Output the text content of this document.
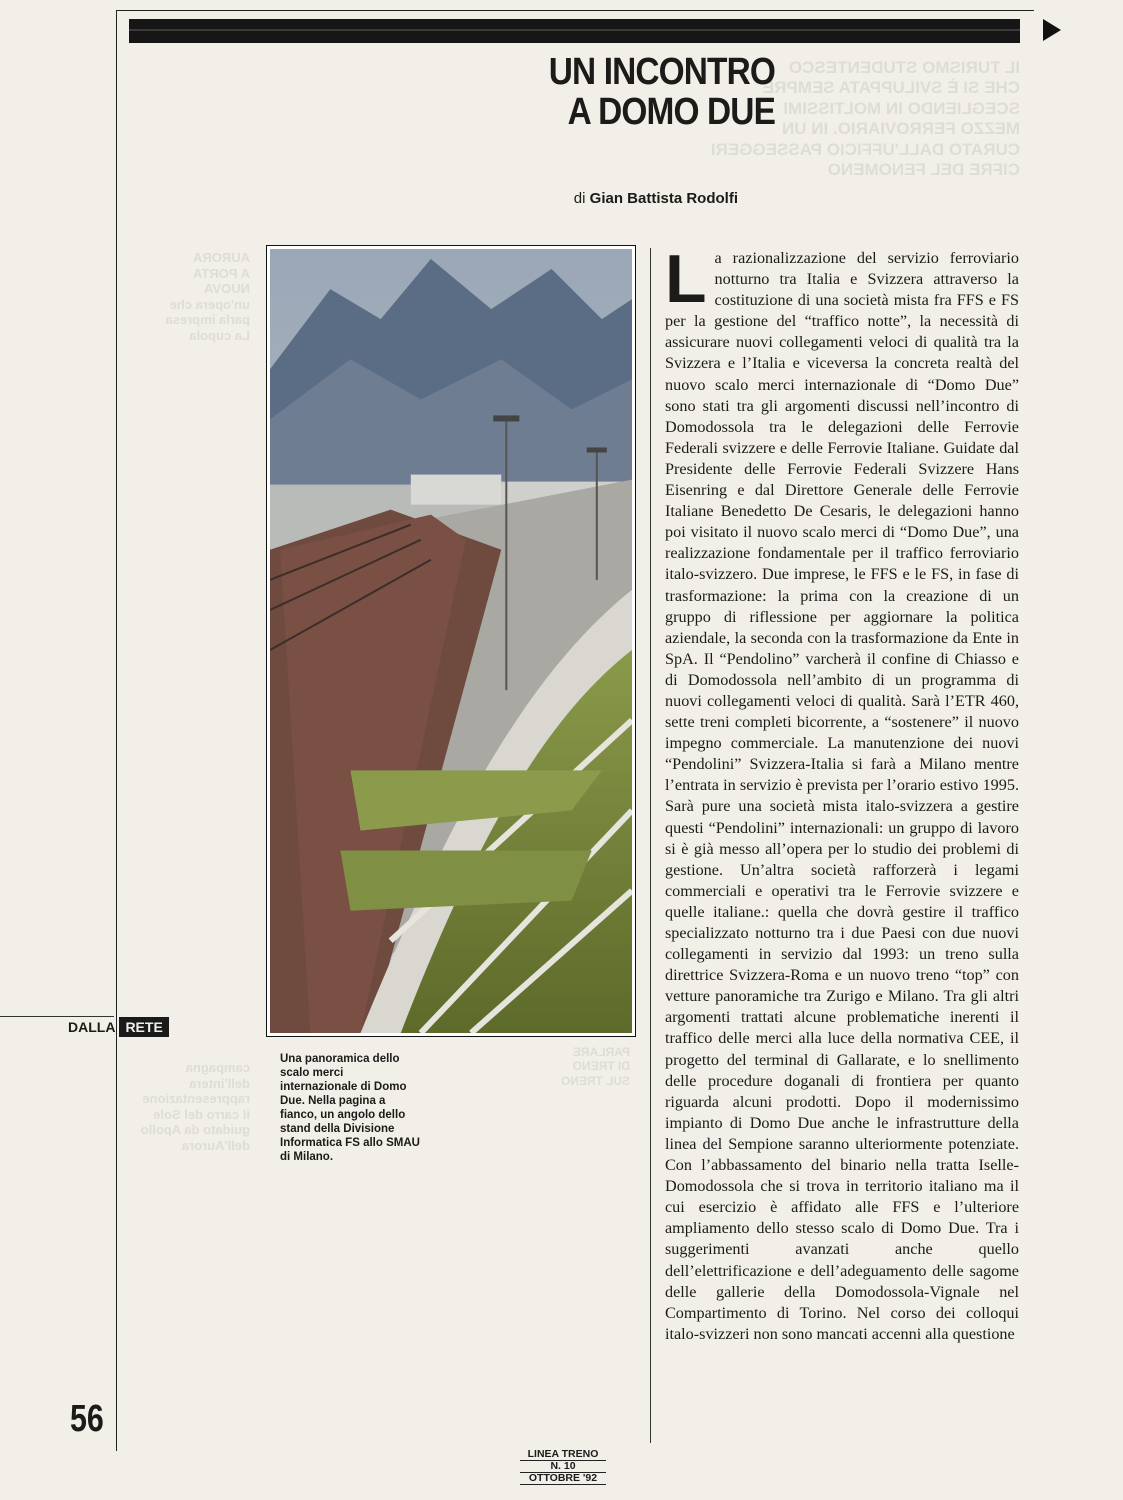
IL TURISMO STUDENTESCO
CHE SI È SVILUPPATA SEMPRE
SCEGLIENDO IN MOLTISSIMI
MEZZO FERROVIARIO. IN UN
CURATO DALL'UFFICIO PASSEGGERI
CIFRE DEL FENOMENO
AURORA
A PORTA
NUOVA
un'opera che
parla impresa
La cupola
campagna
dell'intera
rappresentazione
il carro del Sole
guidato da Apollo
dell'Aurora
PARLARE
DI TRENO
SUL TRENO
UN INCONTRO
A DOMO DUE
di Gian Battista Rodolfi
DALLA RETE
56
Una panoramica dello scalo merci internazionale di Domo Due. Nella pagina a fianco, un angolo dello stand della Divisione Informatica FS allo SMAU di Milano.
L a razionalizzazione del servizio ferroviario notturno tra Italia e Svizzera attraverso la costituzione di una società mista fra FFS e FS per la gestione del “traffico notte”, la necessità di assicurare nuovi collegamenti veloci di qualità tra la Svizzera e l’Italia e viceversa la concreta realtà del nuovo scalo merci internazionale di “Domo Due” sono stati tra gli argomenti discussi nell’incontro di Domodossola tra le delegazioni delle Ferrovie Federali svizzere e delle Ferrovie Italiane. Guidate dal Presidente delle Ferrovie Federali Svizzere Hans Eisenring e dal Direttore Generale delle Ferrovie Italiane Benedetto De Cesaris, le delegazioni hanno poi visitato il nuovo scalo merci di “Domo Due”, una realizzazione fondamentale per il traffico ferroviario italo-svizzero. Due imprese, le FFS e le FS, in fase di trasformazione: la prima con la creazione di un gruppo di riflessione per aggiornare la politica aziendale, la seconda con la trasformazione da Ente in SpA. Il “Pendolino” varcherà il confine di Chiasso e di Domodossola nell’ambito di un programma di nuovi collegamenti veloci di qualità. Sarà l’ETR 460, sette treni completi bicorrente, a “sostenere” il nuovo impegno commerciale. La manutenzione dei nuovi “Pendolini” Svizzera-Italia si farà a Milano mentre l’entrata in servizio è prevista per l’orario estivo 1995. Sarà pure una società mista italo-svizzera a gestire questi “Pendolini” internazionali: un gruppo di lavoro si è già messo all’opera per lo studio dei problemi di gestione. Un’altra società rafforzerà i legami commerciali e operativi tra le Ferrovie svizzere e quelle italiane.: quella che dovrà gestire il traffico specializzato notturno tra i due Paesi con due nuovi collegamenti in servizio dal 1993: un treno sulla direttrice Svizzera-Roma e un nuovo treno “top” con vetture panoramiche tra Zurigo e Milano. Tra gli altri argomenti trattati alcune problematiche inerenti il traffico delle merci alla luce della normativa CEE, il progetto del terminal di Gallarate, e lo snellimento delle procedure doganali di frontiera per quanto riguarda alcuni prodotti. Dopo il modernissimo impianto di Domo Due anche le infrastrutture della linea del Sempione saranno ulteriormente potenziate. Con l’abbassamento del binario nella tratta Iselle-Domodossola che si trova in territorio italiano ma il cui esercizio è affidato alle FFS e l’ulteriore ampliamento dello stesso scalo di Domo Due. Tra i suggerimenti avanzati anche quello dell’elettrificazione e dell’adeguamento delle sagome delle gallerie della Domodossola-Vignale nel Compartimento di Torino. Nel corso dei colloqui italo-svizzeri non sono mancati accenni alla questione
LINEA TRENO
N. 10
OTTOBRE '92
